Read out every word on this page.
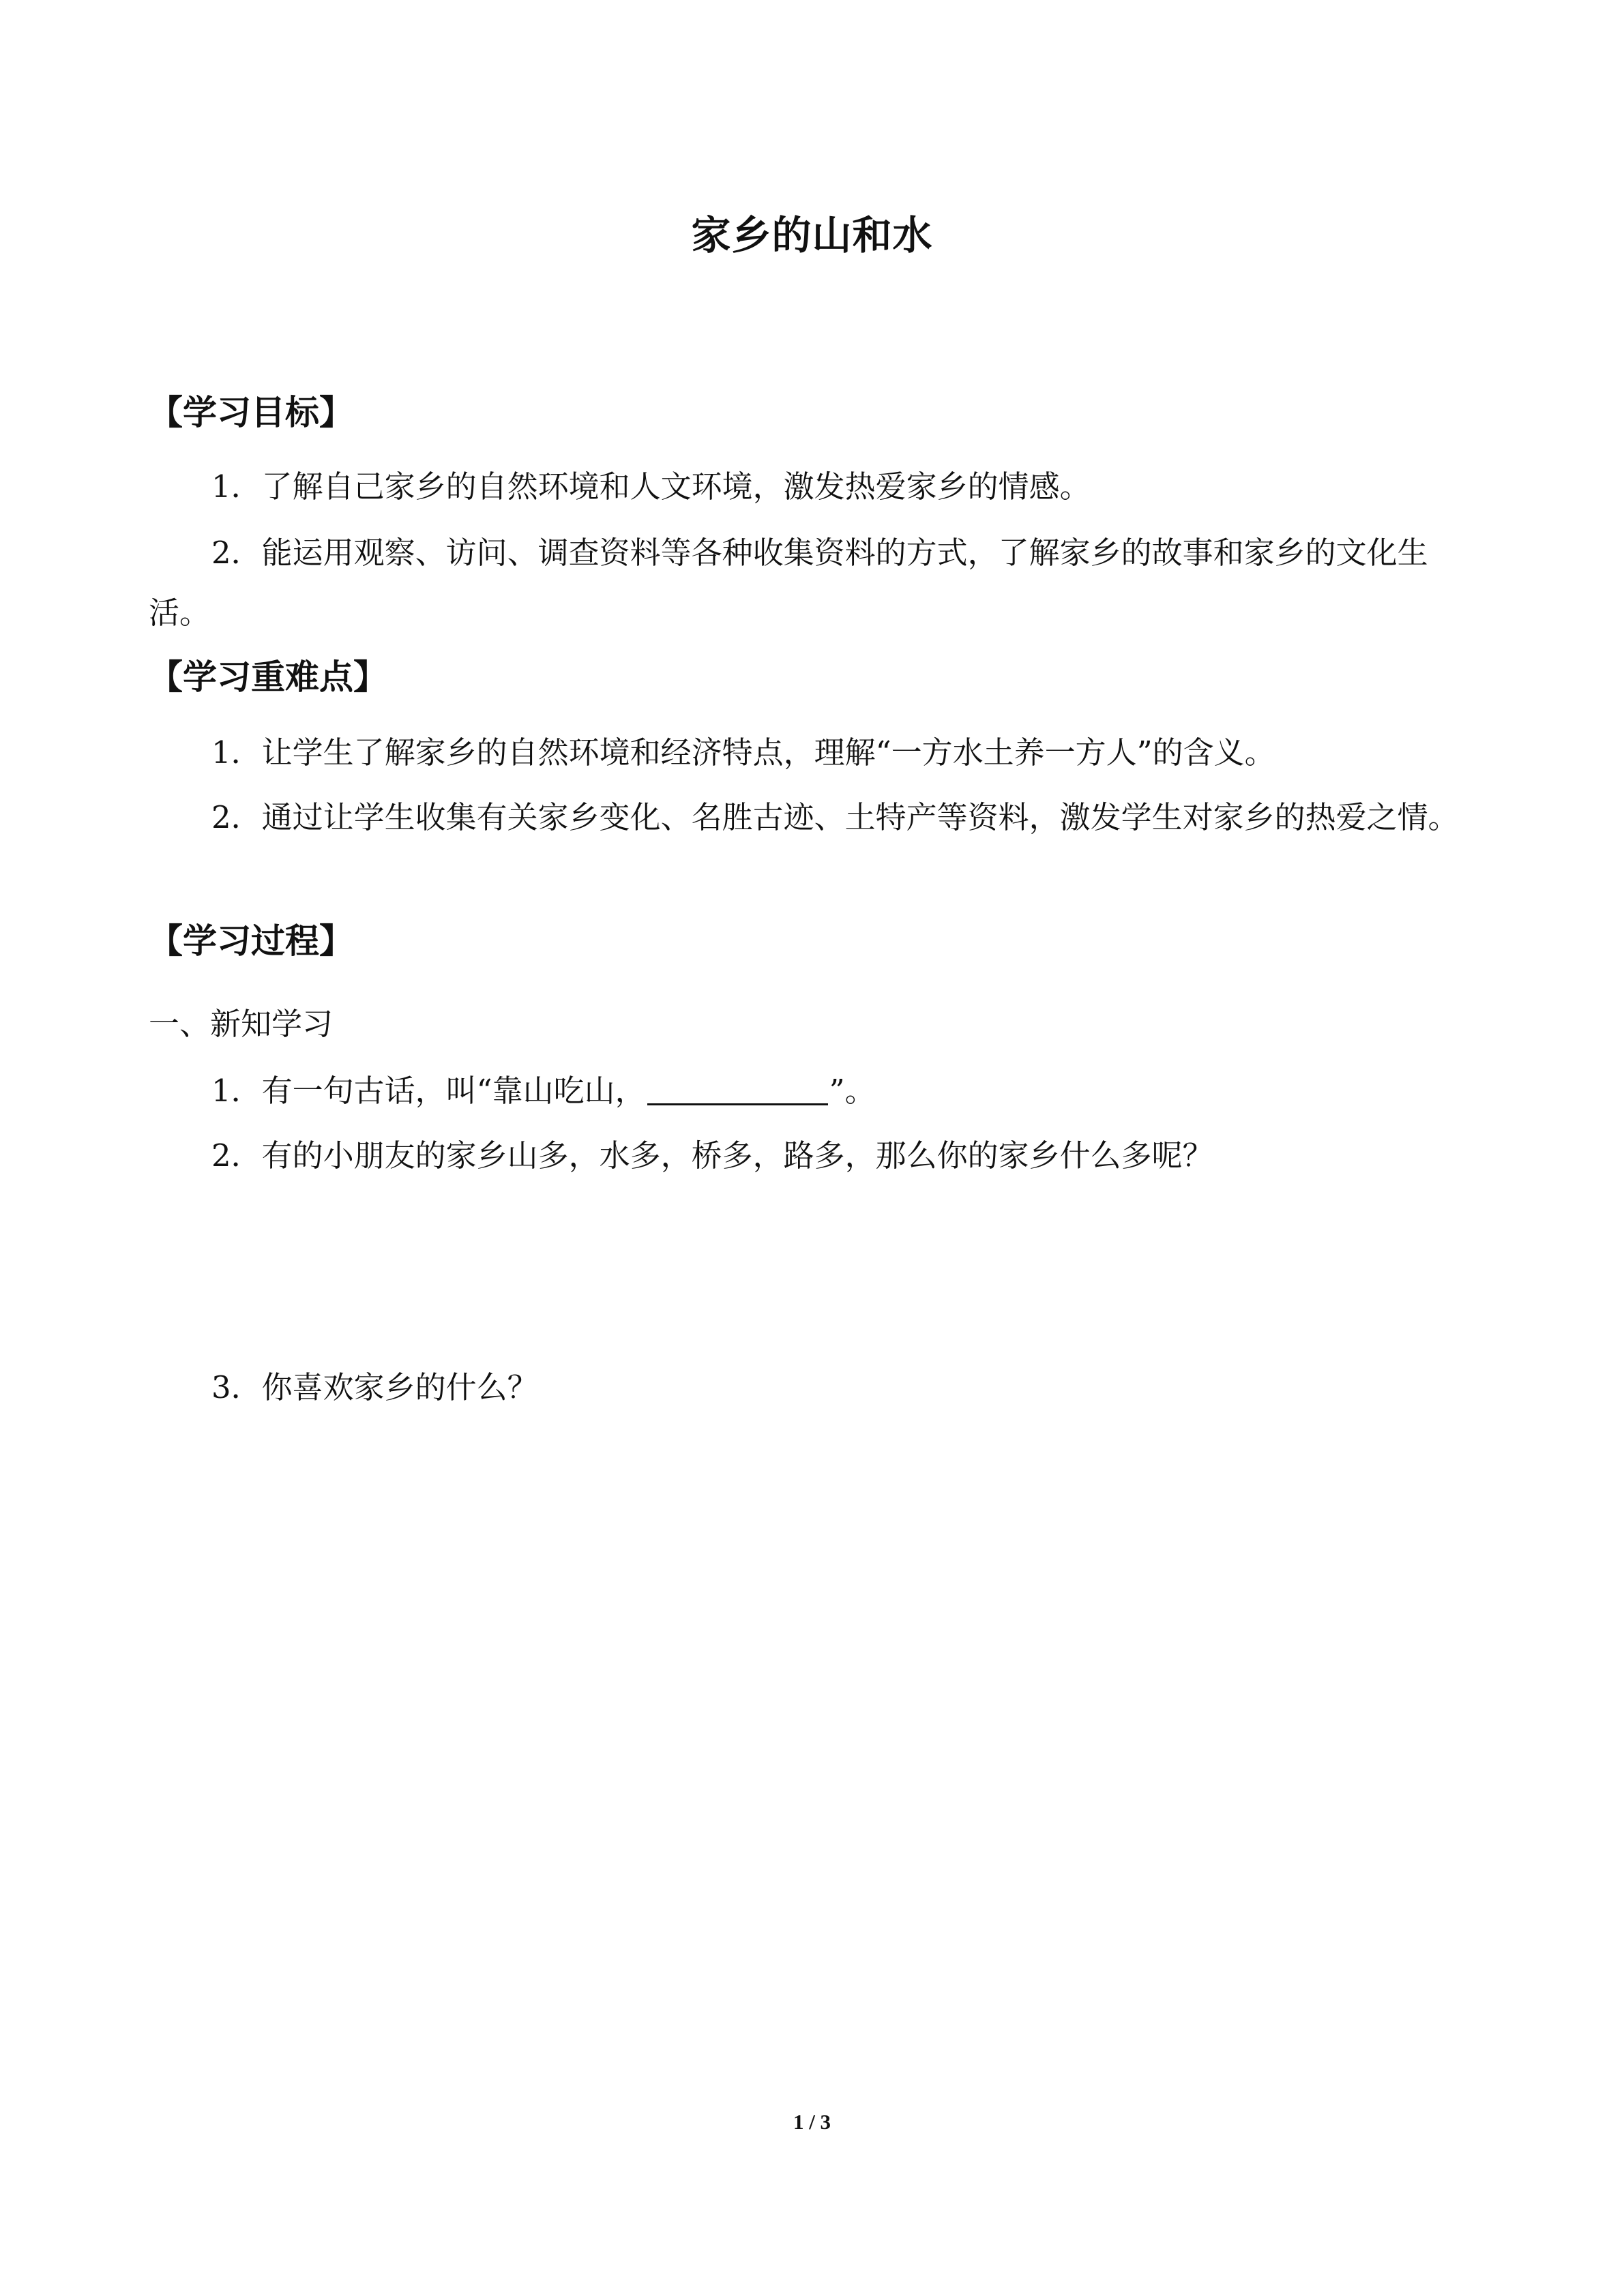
家乡的山和水
【学习目标】

1．了解自己家乡的自然环境和人文环境，激发热爱家乡的情感。

2．能运用观察、访问、调查资料等各种收集资料的方式，了解家乡的故事和家乡的文化生活。

【学习重难点】

1．让学生了解家乡的自然环境和经济特点，理解“一方水土养一方人”的含义。

2．通过让学生收集有关家乡变化、名胜古迹、土特产等资料，激发学生对家乡的热爱之情。

【学习过程】
一、新知学习
1．有一句古话，叫“靠山吃山，	”。
2．有的小朋友的家乡山多，水多，桥多，路多，那么你的家乡什么多呢？
3．你喜欢家乡的什么？
1 / 3
